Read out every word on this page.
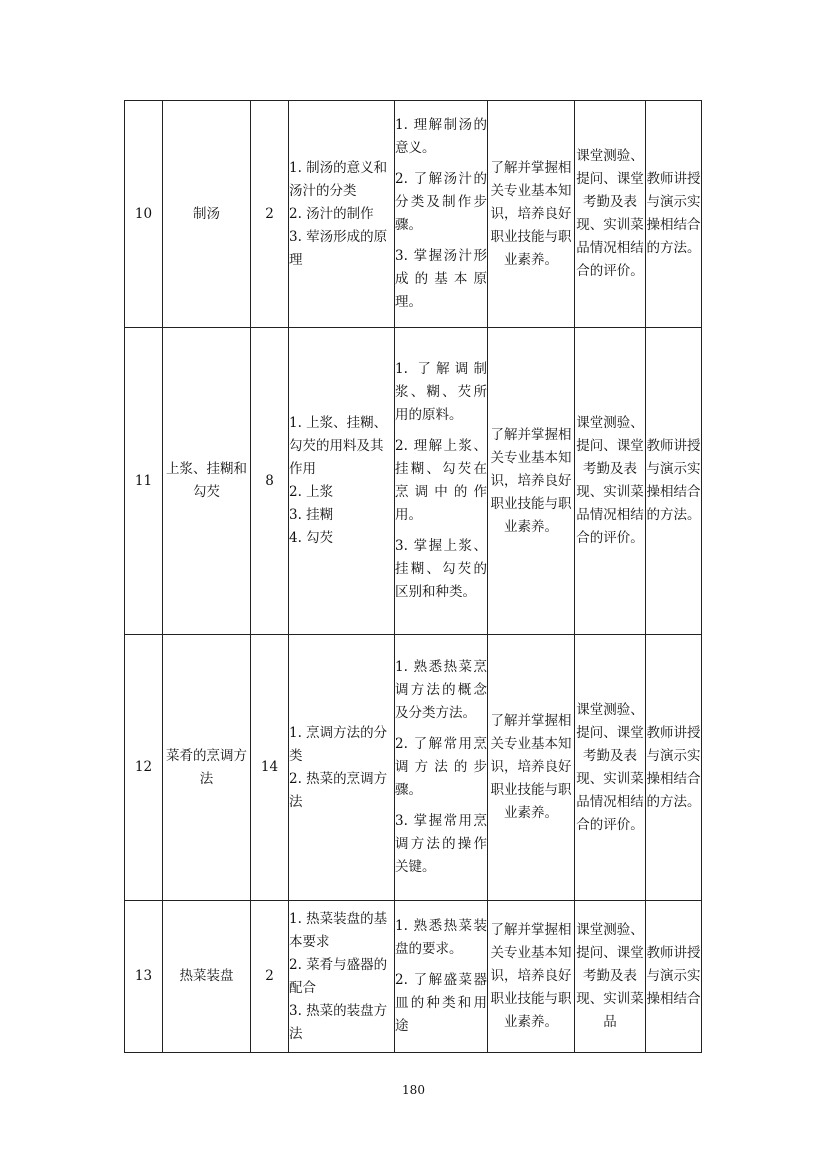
10	制汤	2	1. 制汤的意义和汤汁的分类
2. 汤汁的制作
3. 荤汤形成的原理	1. 理解制汤的意义。
2. 了解汤汁的分类及制作步骤。
3. 掌握汤汁形成的基本原理。	了解并掌握相关专业基本知识，培养良好职业技能与职业素养。	课堂测验、提问、课堂考勤及表现、实训菜品情况相结合的评价。	教师讲授与演示实操相结合的方法。
11	上浆、挂糊和勾芡	8	1. 上浆、挂糊、勾芡的用料及其作用
2. 上浆
3. 挂糊
4. 勾芡	1. 了解调制浆、糊、芡所用的原料。
2. 理解上浆、挂糊、勾芡在烹调中的作用。
3. 掌握上浆、挂糊、勾芡的区别和种类。	了解并掌握相关专业基本知识，培养良好职业技能与职业素养。	课堂测验、提问、课堂考勤及表现、实训菜品情况相结合的评价。	教师讲授与演示实操相结合的方法。
12	菜肴的烹调方法	14	1. 烹调方法的分类
2. 热菜的烹调方法	1. 熟悉热菜烹调方法的概念及分类方法。
2. 了解常用烹调方法的步骤。
3. 掌握常用烹调方法的操作关键。	了解并掌握相关专业基本知识，培养良好职业技能与职业素养。	课堂测验、提问、课堂考勤及表现、实训菜品情况相结合的评价。	教师讲授与演示实操相结合的方法。
13	热菜装盘	2	1. 热菜装盘的基本要求
2. 菜肴与盛器的配合
3. 热菜的装盘方法	1. 熟悉热菜装盘的要求。
2. 了解盛菜器皿的种类和用途	了解并掌握相关专业基本知识，培养良好职业技能与职业素养。	课堂测验、提问、课堂考勤及表现、实训菜品	教师讲授与演示实操相结合
180
